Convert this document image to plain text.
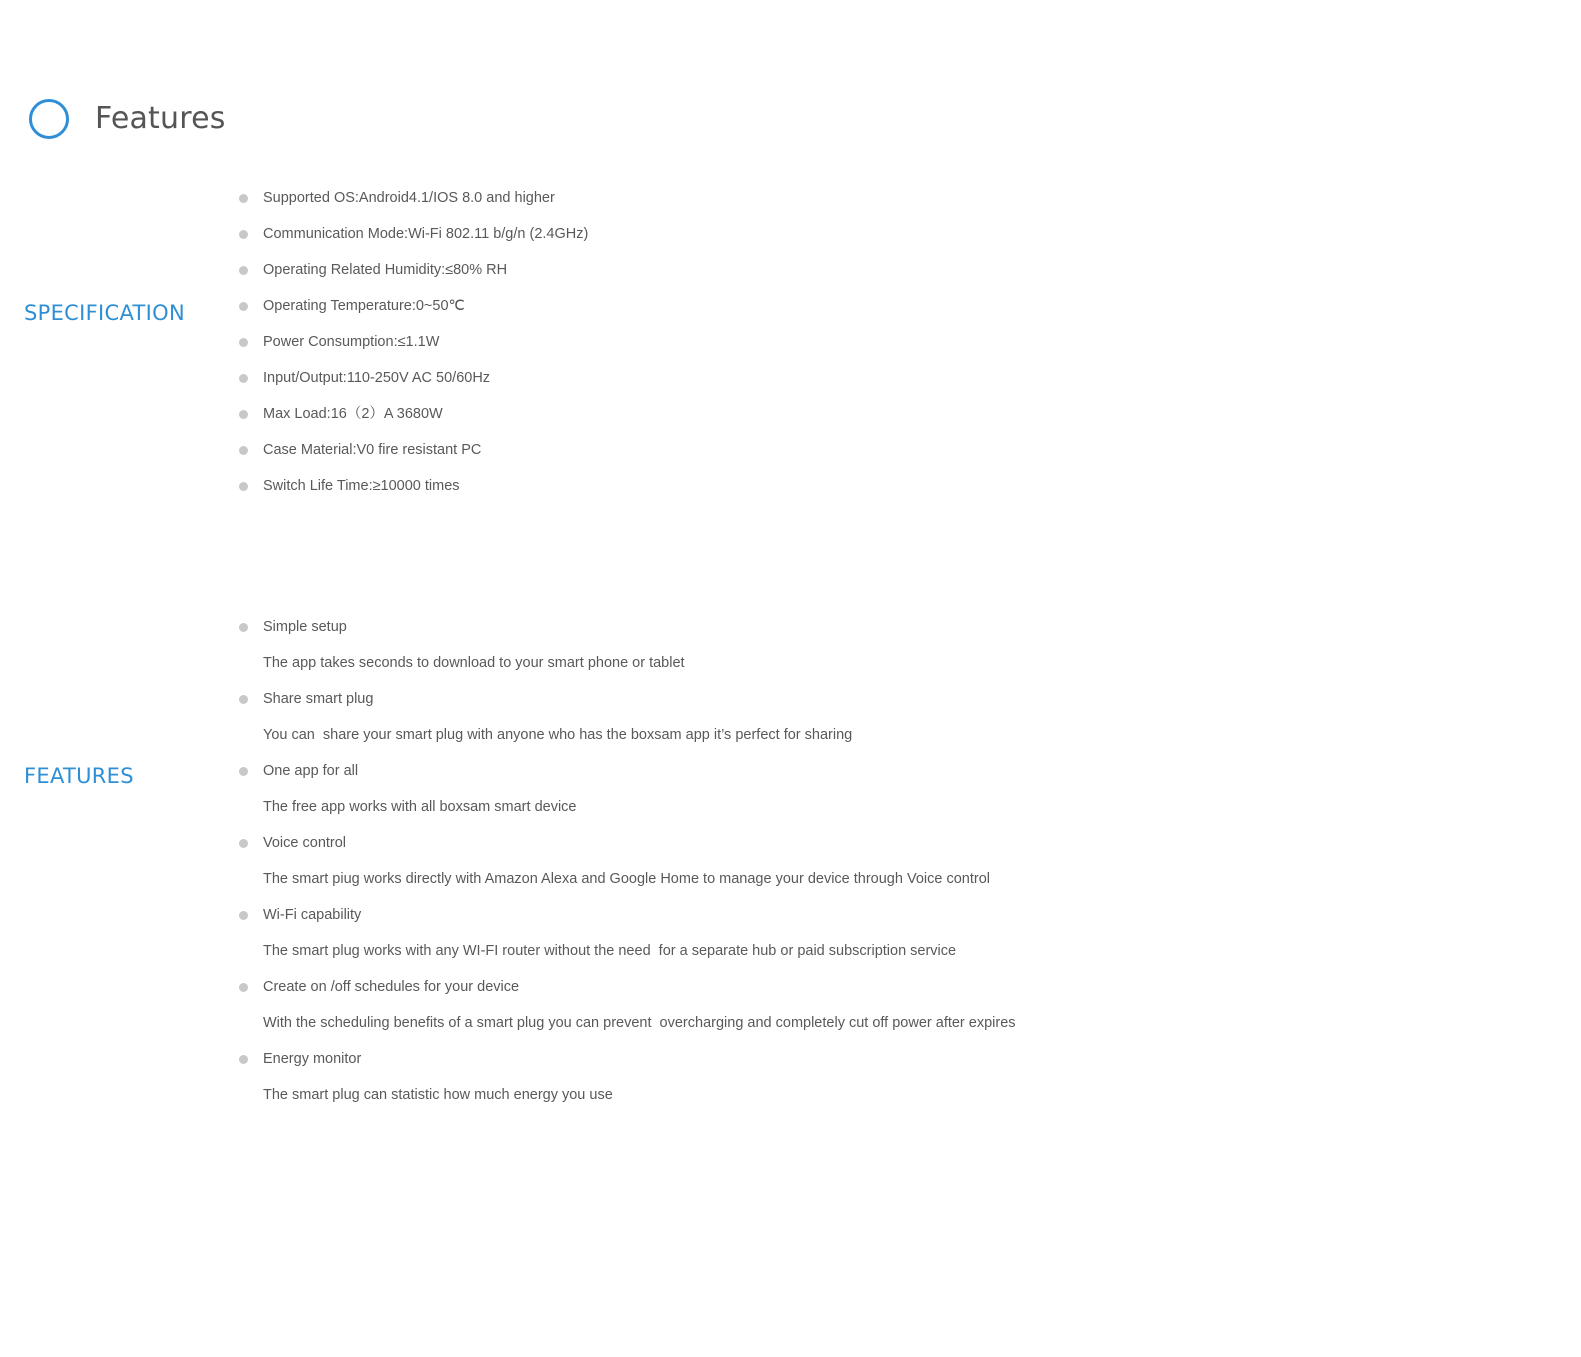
Features
SPECIFICATION
Supported OS:Android4.1/IOS 8.0 and higher
Communication Mode:Wi-Fi 802.11 b/g/n (2.4GHz)
Operating Related Humidity:≤80% RH
Operating Temperature:0~50℃
Power Consumption:≤1.1W
Input/Output:110-250V AC 50/60Hz
Max Load:16（2）A 3680W
Case Material:V0 fire resistant PC
Switch Life Time:≥10000 times
FEATURES
Simple setup
The app takes seconds to download to your smart phone or tablet
Share smart plug
You can  share your smart plug with anyone who has the boxsam app it’s perfect for sharing
One app for all
The free app works with all boxsam smart device
Voice control
The smart piug works directly with Amazon Alexa and Google Home to manage your device through Voice control
Wi-Fi capability
The smart plug works with any WI-FI router without the need  for a separate hub or paid subscription service
Create on /off schedules for your device
With the scheduling benefits of a smart plug you can prevent  overcharging and completely cut off power after expires
Energy monitor
The smart plug can statistic how much energy you use
